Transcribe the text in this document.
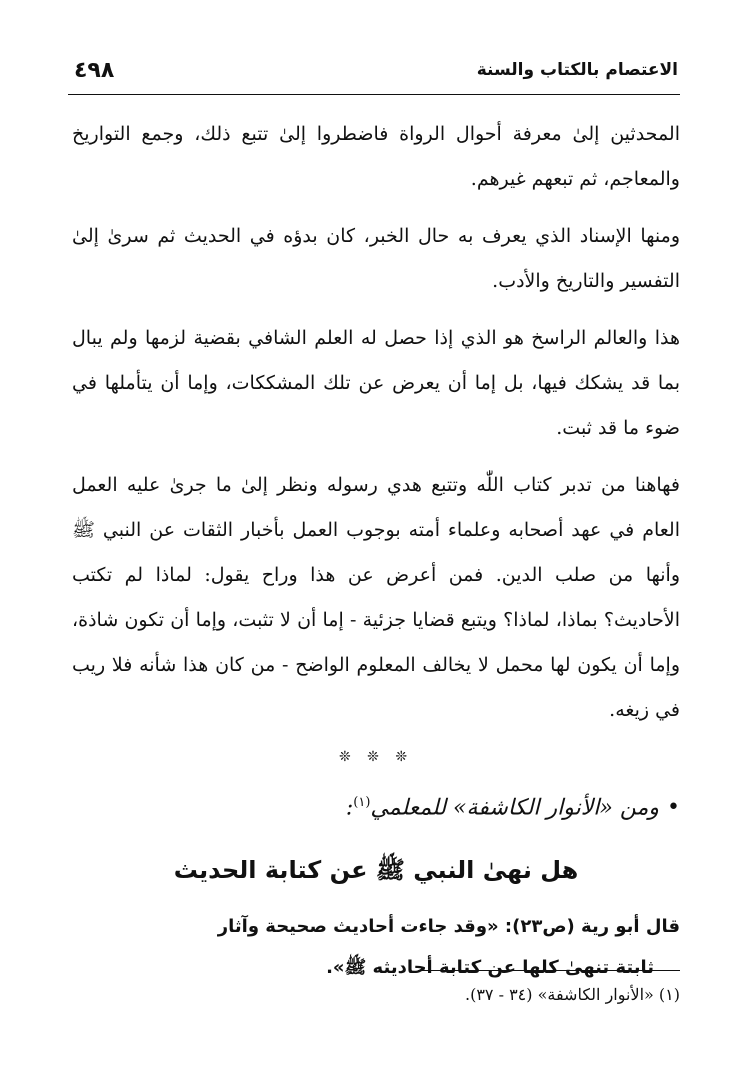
الاعتصام بالكتاب والسنة
٤٩٨

المحدثين إلىٰ معرفة أحوال الرواة فاضطروا إلىٰ تتبع ذلك، وجمع التواريخ والمعاجم، ثم تبعهم غيرهم.

ومنها الإسناد الذي يعرف به حال الخبر، كان بدؤه في الحديث ثم سرىٰ إلىٰ التفسير والتاريخ والأدب.

هذا والعالم الراسخ هو الذي إذا حصل له العلم الشافي بقضية لزمها ولم يبال بما قد يشكك فيها، بل إما أن يعرض عن تلك المشككات، وإما أن يتأملها في ضوء ما قد ثبت.

فهاهنا من تدبر كتاب اللّٰه وتتبع هدي رسوله ونظر إلىٰ ما جرىٰ عليه العمل العام في عهد أصحابه وعلماء أمته بوجوب العمل بأخبار الثقات عن النبي ﷺ وأنها من صلب الدين. فمن أعرض عن هذا وراح يقول: لماذا لم تكتب الأحاديث؟ بماذا، لماذا؟ ويتبع قضايا جزئية - إما أن لا تثبت، وإما أن تكون شاذة، وإما أن يكون لها محمل لا يخالف المعلوم الواضح - من كان هذا شأنه فلا ريب في زيغه.

❊ ❊ ❊
•ومن «الأنوار الكاشفة» للمعلمي$^{(١)}$:
هل نهىٰ النبي ﷺ عن كتابة الحديث
قال أبو رية (ص٢٣): «وقد جاءت أحاديث صحيحة وآثار
ثابتة تنهىٰ كلها عن كتابة أحاديثه ﷺ».
(١) «الأنوار الكاشفة» (٣٤ - ٣٧).
